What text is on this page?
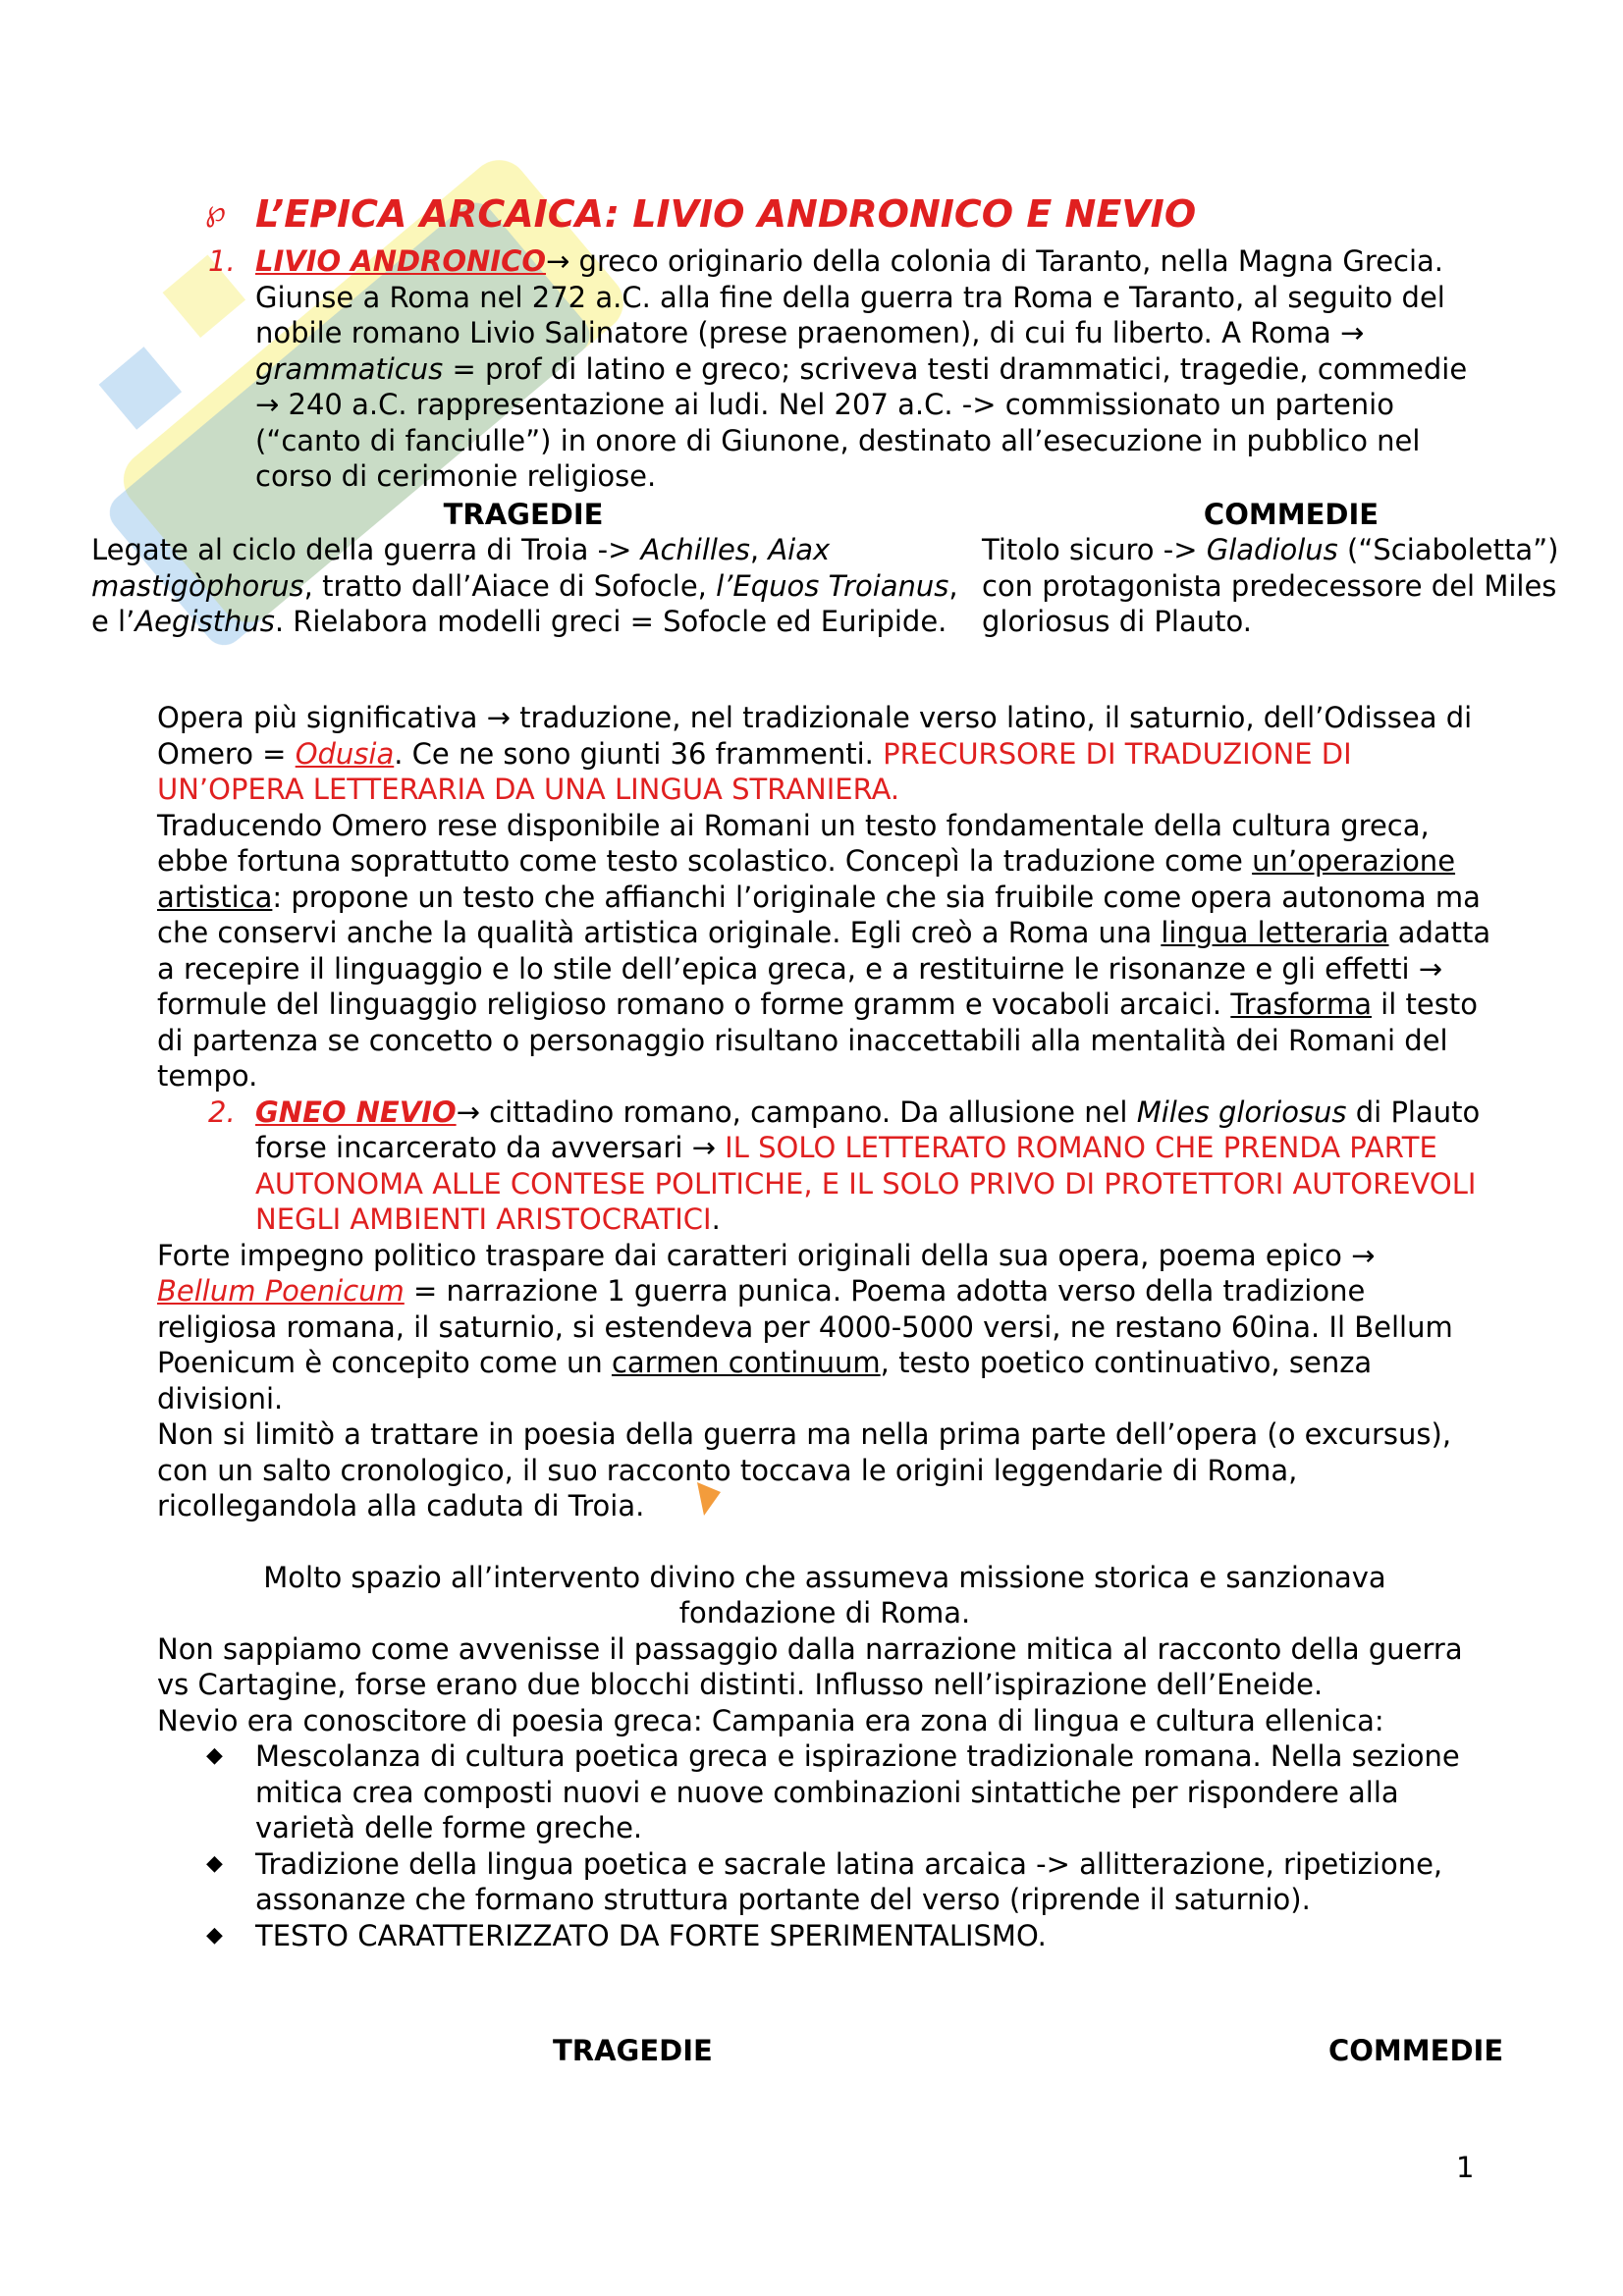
℘ L’EPICA ARCAICA: LIVIO ANDRONICO E NEVIO
1. LIVIO ANDRONICO→ greco originario della colonia di Taranto, nella Magna Grecia. Giunse a Roma nel 272 a.C. alla fine della guerra tra Roma e Taranto, al seguito del nobile romano Livio Salinatore (prese praenomen), di cui fu liberto. A Roma → grammaticus = prof di latino e greco; scriveva testi drammatici, tragedie, commedie → 240 a.C. rappresentazione ai ludi. Nel 207 a.C. -> commissionato un partenio (“canto di fanciulle”) in onore di Giunone, destinato all’esecuzione in pubblico nel corso di cerimonie religiose.

TRAGEDIE	COMMEDIE

Legate al ciclo della guerra di Troia -> Achilles, Aiax mastigòphorus, tratto dall’Aiace di Sofocle, l’Equos Troianus, e l’Aegisthus. Rielabora modelli greci = Sofocle ed Euripide.

Titolo sicuro -> Gladiolus (“Sciaboletta”) con protagonista predecessore del Miles gloriosus di Plauto.

Opera più significativa → traduzione, nel tradizionale verso latino, il saturnio, dell’Odissea di Omero = Odusia. Ce ne sono giunti 36 frammenti. PRECURSORE DI TRADUZIONE DI UN’OPERA LETTERARIA DA UNA LINGUA STRANIERA.

Traducendo Omero rese disponibile ai Romani un testo fondamentale della cultura greca, ebbe fortuna soprattutto come testo scolastico. Concepì la traduzione come un’operazione artistica: propone un testo che affianchi l’originale che sia fruibile come opera autonoma ma che conservi anche la qualità artistica originale. Egli creò a Roma una lingua letteraria adatta a recepire il linguaggio e lo stile dell’epica greca, e a restituirne le risonanze e gli effetti → formule del linguaggio religioso romano o forme gramm e vocaboli arcaici. Trasforma il testo di partenza se concetto o personaggio risultano inaccettabili alla mentalità dei Romani del tempo.

2. GNEO NEVIO→ cittadino romano, campano. Da allusione nel Miles gloriosus di Plauto forse incarcerato da avversari → IL SOLO LETTERATO ROMANO CHE PRENDA PARTE AUTONOMA ALLE CONTESE POLITICHE, E IL SOLO PRIVO DI PROTETTORI AUTOREVOLI NEGLI AMBIENTI ARISTOCRATICI.

Forte impegno politico traspare dai caratteri originali della sua opera, poema epico →
Bellum Poenicum = narrazione 1 guerra punica. Poema adotta verso della tradizione religiosa romana, il saturnio, si estendeva per 4000-5000 versi, ne restano 60ina. Il Bellum Poenicum è concepito come un carmen continuum, testo poetico continuativo, senza divisioni.

Non si limitò a trattare in poesia della guerra ma nella prima parte dell’opera (o excursus), con un salto cronologico, il suo racconto toccava le origini leggendarie di Roma, ricollegandola alla caduta di Troia.

Molto spazio all’intervento divino che assumeva missione storica e sanzionava fondazione di Roma.

Non sappiamo come avvenisse il passaggio dalla narrazione mitica al racconto della guerra vs Cartagine, forse erano due blocchi distinti. Influsso nell’ispirazione dell’Eneide.

Nevio era conoscitore di poesia greca: Campania era zona di lingua e cultura ellenica:

◆ Mescolanza di cultura poetica greca e ispirazione tradizionale romana. Nella sezione mitica crea composti nuovi e nuove combinazioni sintattiche per rispondere alla varietà delle forme greche.

◆ Tradizione della lingua poetica e sacrale latina arcaica -> allitterazione, ripetizione, assonanze che formano struttura portante del verso (riprende il saturnio).

◆ TESTO CARATTERIZZATO DA FORTE SPERIMENTALISMO.

TRAGEDIE	COMMEDIE
1
